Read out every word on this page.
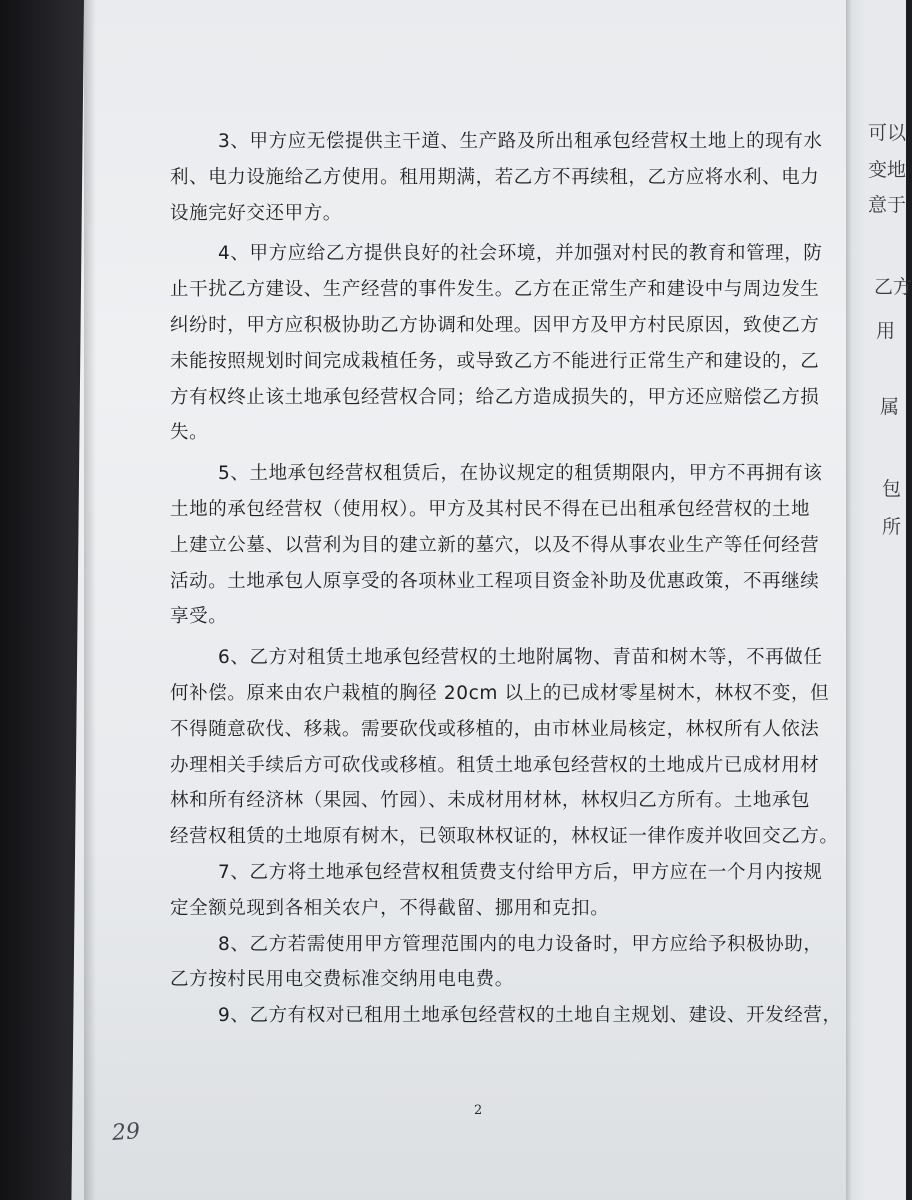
可以
变地
意于
乙方
用
属
包
所
3、甲方应无偿提供主干道、生产路及所出租承包经营权土地上的现有水
利、电力设施给乙方使用。租用期满，若乙方不再续租，乙方应将水利、电力
设施完好交还甲方。
4、甲方应给乙方提供良好的社会环境，并加强对村民的教育和管理，防
止干扰乙方建设、生产经营的事件发生。乙方在正常生产和建设中与周边发生
纠纷时，甲方应积极协助乙方协调和处理。因甲方及甲方村民原因，致使乙方
未能按照规划时间完成栽植任务，或导致乙方不能进行正常生产和建设的，乙
方有权终止该土地承包经营权合同；给乙方造成损失的，甲方还应赔偿乙方损
失。
5、土地承包经营权租赁后，在协议规定的租赁期限内，甲方不再拥有该
土地的承包经营权（使用权）。甲方及其村民不得在已出租承包经营权的土地
上建立公墓、以营利为目的建立新的墓穴，以及不得从事农业生产等任何经营
活动。土地承包人原享受的各项林业工程项目资金补助及优惠政策，不再继续
享受。
6、乙方对租赁土地承包经营权的土地附属物、青苗和树木等，不再做任
何补偿。原来由农户栽植的胸径 20cm 以上的已成材零星树木，林权不变，但
不得随意砍伐、移栽。需要砍伐或移植的，由市林业局核定，林权所有人依法
办理相关手续后方可砍伐或移植。租赁土地承包经营权的土地成片已成材用材
林和所有经济林（果园、竹园）、未成材用材林，林权归乙方所有。土地承包
经营权租赁的土地原有树木，已领取林权证的，林权证一律作废并收回交乙方。
7、乙方将土地承包经营权租赁费支付给甲方后，甲方应在一个月内按规
定全额兑现到各相关农户，不得截留、挪用和克扣。
8、乙方若需使用甲方管理范围内的电力设备时，甲方应给予积极协助，
乙方按村民用电交费标准交纳用电电费。
9、乙方有权对已租用土地承包经营权的土地自主规划、建设、开发经营，
2
29
